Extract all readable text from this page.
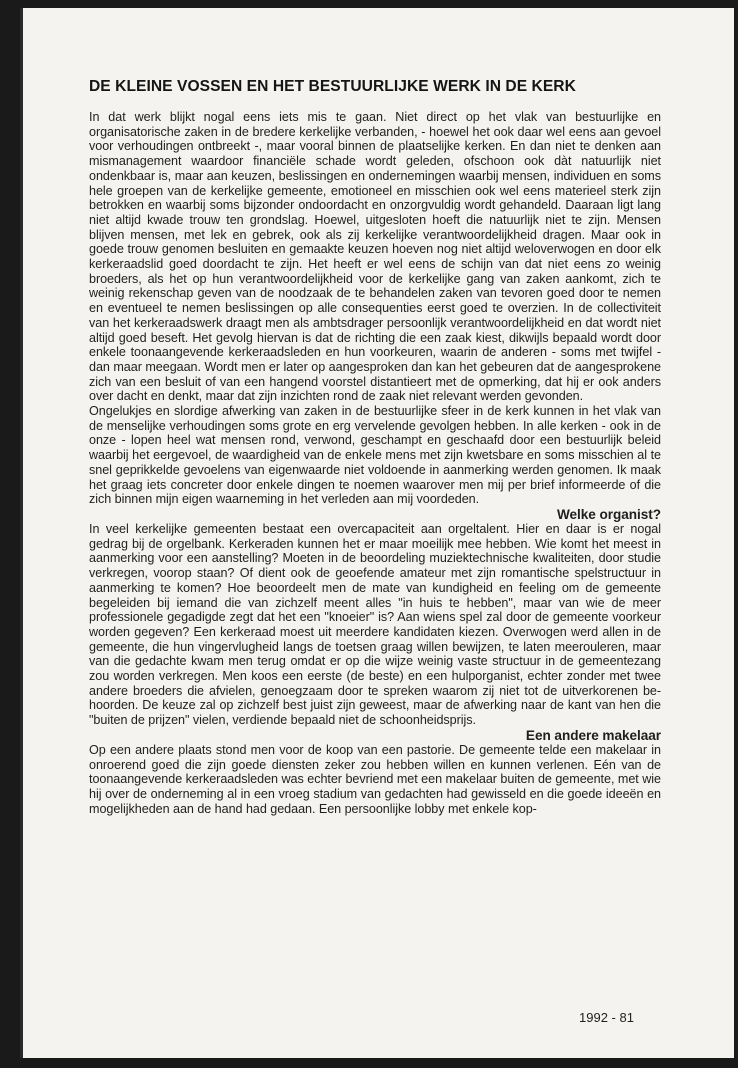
DE KLEINE VOSSEN EN HET BESTUURLIJKE WERK IN DE KERK

In dat werk blijkt nogal eens iets mis te gaan. Niet direct op het vlak van bestuurlijke en organisatorische zaken in de bredere kerkelijke verbanden, - hoewel het ook daar wel eens aan gevoel voor verhoudingen ontbreekt -, maar vooral binnen de plaatselijke kerken. En dan niet te denken aan mismanagement waardoor financiële schade wordt geleden, ofschoon ook dàt natuurlijk niet ondenkbaar is, maar aan keuzen, beslissingen en ondernemingen waarbij mensen, individuen en soms hele groepen van de kerkelijke gemeente, emotioneel en misschien ook wel eens materieel sterk zijn betrokken en waarbij soms bijzonder ondoordacht en onzorgvuldig wordt gehandeld. Daaraan ligt lang niet altijd kwade trouw ten grondslag. Hoewel, uitgesloten hoeft die natuurlijk niet te zijn. Mensen blijven mensen, met lek en gebrek, ook als zij kerkelijke verantwoordelijkheid dragen. Maar ook in goede trouw genomen besluiten en gemaakte keuzen hoeven nog niet altijd weloverwogen en door elk kerkeraadslid goed doordacht te zijn. Het heeft er wel eens de schijn van dat niet eens zo weinig broeders, als het op hun verantwoordelijkheid voor de kerkelijke gang van zaken aankomt, zich te weinig rekenschap geven van de noodzaak de te behandelen zaken van tevoren goed door te nemen en eventueel te nemen beslissingen op alle consequenties eerst goed te overzien. In de collectiviteit van het kerkeraadswerk draagt men als ambtsdrager persoonlijk verantwoordelijkheid en dat wordt niet altijd goed beseft. Het gevolg hiervan is dat de richting die een zaak kiest, dikwijls bepaald wordt door enkele toonaangevende kerkeraadsleden en hun voorkeuren, waarin de anderen - soms met twijfel - dan maar meegaan. Wordt men er later op aangesproken dan kan het gebeuren dat de aangesprokene zich van een besluit of van een hangend voorstel distantieert met de opmerking, dat hij er ook anders over dacht en denkt, maar dat zijn inzichten rond de zaak niet relevant werden gevonden.

Ongelukjes en slordige afwerking van zaken in de bestuurlijke sfeer in de kerk kunnen in het vlak van de menselijke verhoudingen soms grote en erg vervelende gevolgen hebben. In alle kerken - ook in de onze - lopen heel wat mensen rond, verwond, geschampt en geschaafd door een bestuurlijk beleid waarbij het eergevoel, de waardigheid van de enkele mens met zijn kwetsbare en soms misschien al te snel geprikkelde gevoelens van eigenwaarde niet voldoende in aanmerking werden genomen. Ik maak het graag iets concreter door enkele dingen te noemen waarover men mij per brief informeerde of die zich binnen mijn eigen waarneming in het verleden aan mij voordeden.

Welke organist?

In veel kerkelijke gemeenten bestaat een overcapaciteit aan orgeltalent. Hier en daar is er nogal gedrag bij de orgelbank. Kerkeraden kunnen het er maar moeilijk mee hebben. Wie komt het meest in aanmerking voor een aanstelling? Moeten in de beoordeling muziektechnische kwaliteiten, door studie verkregen, voorop staan? Of dient ook de geoefende amateur met zijn romantische spelstructuur in aanmerking te komen? Hoe beoordeelt men de mate van kundigheid en feeling om de gemeente begeleiden bij iemand die van zichzelf meent alles "in huis te hebben", maar van wie de meer professionele gegadigde zegt dat het een "knoeier" is? Aan wiens spel zal door de gemeente voorkeur worden gegeven? Een kerkeraad moest uit meerdere kandidaten kiezen. Overwogen werd allen in de gemeente, die hun vingervlugheid langs de toetsen graag willen bewijzen, te laten meerouleren, maar van die gedachte kwam men terug omdat er op die wijze weinig vaste structuur in de gemeentezang zou worden verkregen. Men koos een eerste (de beste) en een hulporganist, echter zonder met twee andere broeders die afvielen, genoegzaam door te spreken waarom zij niet tot de uitverkorenen be-hoorden. De keuze zal op zichzelf best juist zijn geweest, maar de afwerking naar de kant van hen die "buiten de prijzen" vielen, verdiende bepaald niet de schoonheidsprijs.

Een andere makelaar

Op een andere plaats stond men voor de koop van een pastorie. De gemeente telde een makelaar in onroerend goed die zijn goede diensten zeker zou hebben willen en kunnen verlenen. Eén van de toonaangevende kerkeraadsleden was echter bevriend met een makelaar buiten de gemeente, met wie hij over de onderneming al in een vroeg stadium van gedachten had gewisseld en die goede ideeën en mogelijkheden aan de hand had gedaan. Een persoonlijke lobby met enkele kop-

1992 - 81
